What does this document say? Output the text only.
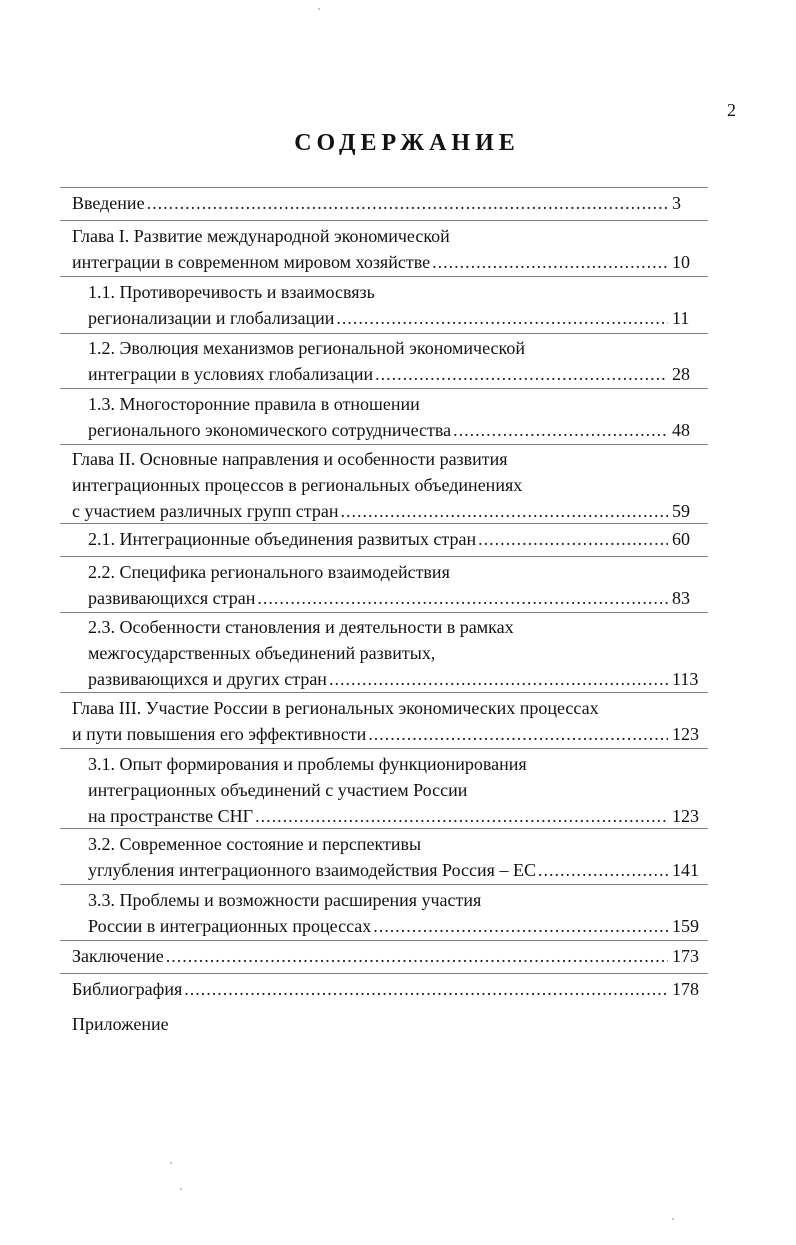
2
СОДЕРЖАНИЕ
Введение .....	3
Глава I. Развитие международной экономической
интеграции в современном мировом хозяйстве .....	10
1.1. Противоречивость и взаимосвязь
регионализации и глобализации .....	11
1.2. Эволюция механизмов региональной экономической
интеграции в условиях глобализации .....	28
1.3. Многосторонние правила в отношении
регионального экономического сотрудничества .....	48
Глава II. Основные направления и особенности развития
интеграционных процессов в региональных объединениях
с участием различных групп стран .....	59
2.1. Интеграционные объединения развитых стран .....	60
2.2. Специфика регионального взаимодействия
развивающихся стран .....	83
2.3. Особенности становления и деятельности в рамках
межгосударственных объединений развитых,
развивающихся и других стран .....	113
Глава III. Участие России в региональных экономических процессах
и пути повышения его эффективности .....	123
3.1. Опыт формирования и проблемы функционирования
интеграционных объединений с участием России
на пространстве СНГ .....	123
3.2. Современное состояние и перспективы
углубления интеграционного взаимодействия Россия – ЕС .....	141
3.3. Проблемы и возможности расширения участия
России в интеграционных процессах .....	159
Заключение .....	173
Библиография .....	178
Приложение
